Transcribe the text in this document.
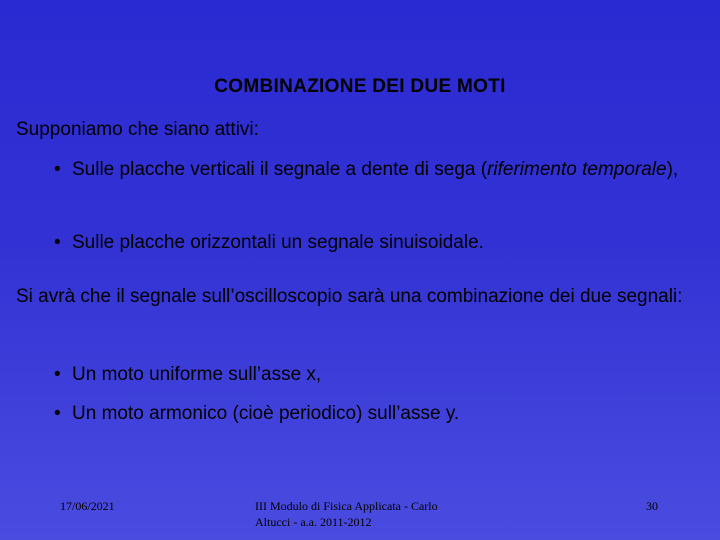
COMBINAZIONE DEI DUE MOTI
Supponiamo che siano attivi:
• Sulle placche verticali il segnale a dente di sega (riferimento temporale),
• Sulle placche orizzontali un segnale sinuisoidale.
Si avrà che il segnale sull’oscilloscopio sarà una combinazione dei due segnali:
• Un moto uniforme sull’asse x,
• Un moto armonico (cioè periodico) sull’asse y.
17/06/2021	III Modulo di Fisica Applicata - Carlo
Altucci - a.a. 2011-2012
30
